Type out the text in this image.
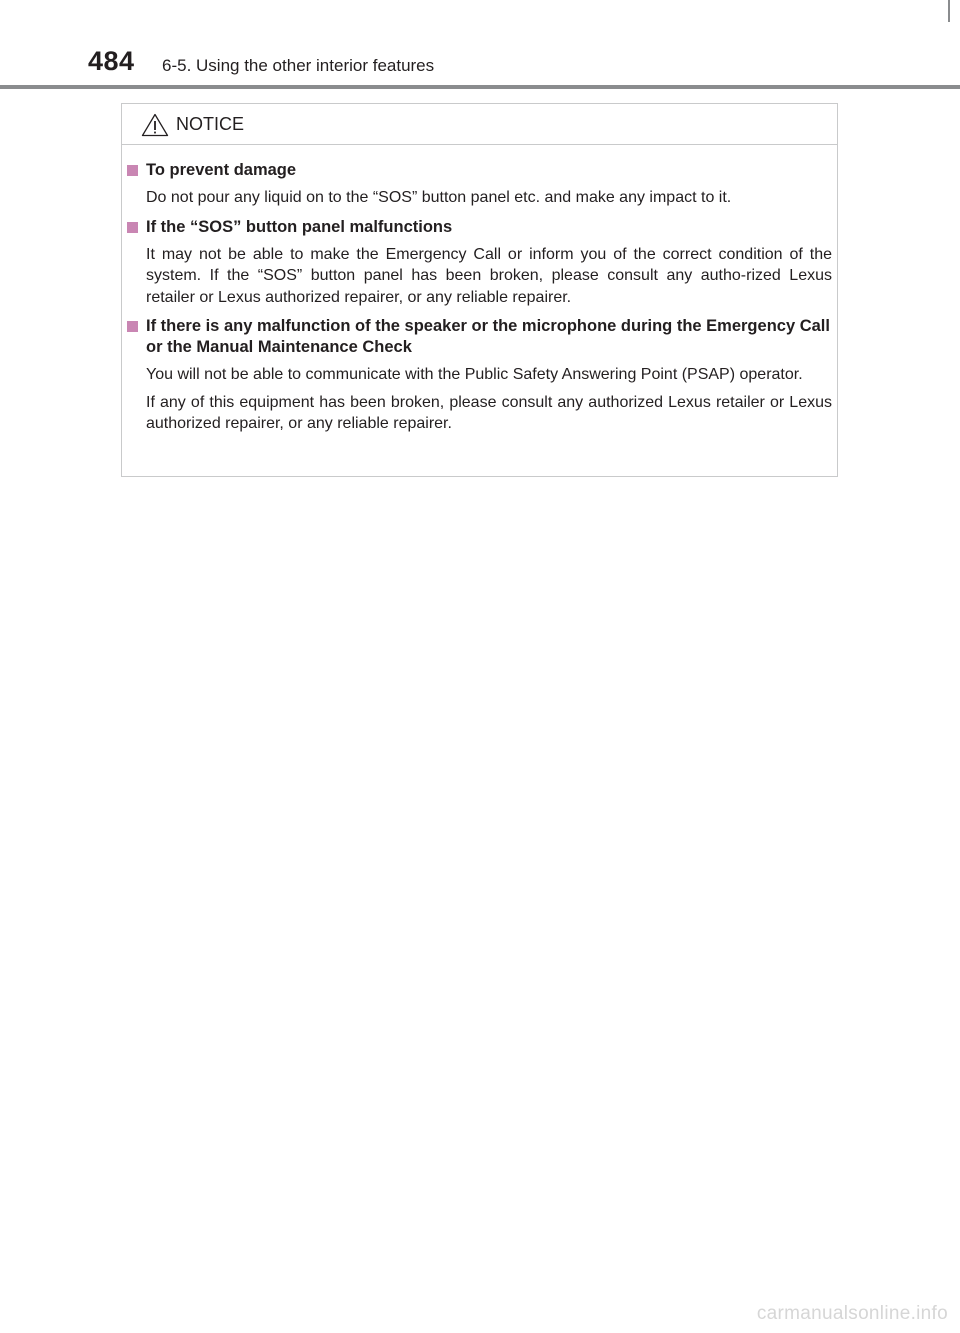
484 6-5. Using the other interior features
NOTICE
To prevent damage
Do not pour any liquid on to the “SOS” button panel etc. and make any impact to it.
If the “SOS” button panel malfunctions
It may not be able to make the Emergency Call or inform you of the correct condition of the system. If the “SOS” button panel has been broken, please consult any autho-rized Lexus retailer or Lexus authorized repairer, or any reliable repairer.
If there is any malfunction of the speaker or the microphone during the Emergency Call or the Manual Maintenance Check
You will not be able to communicate with the Public Safety Answering Point (PSAP) operator.
If any of this equipment has been broken, please consult any authorized Lexus retailer or Lexus authorized repairer, or any reliable repairer.
carmanualsonline.info
